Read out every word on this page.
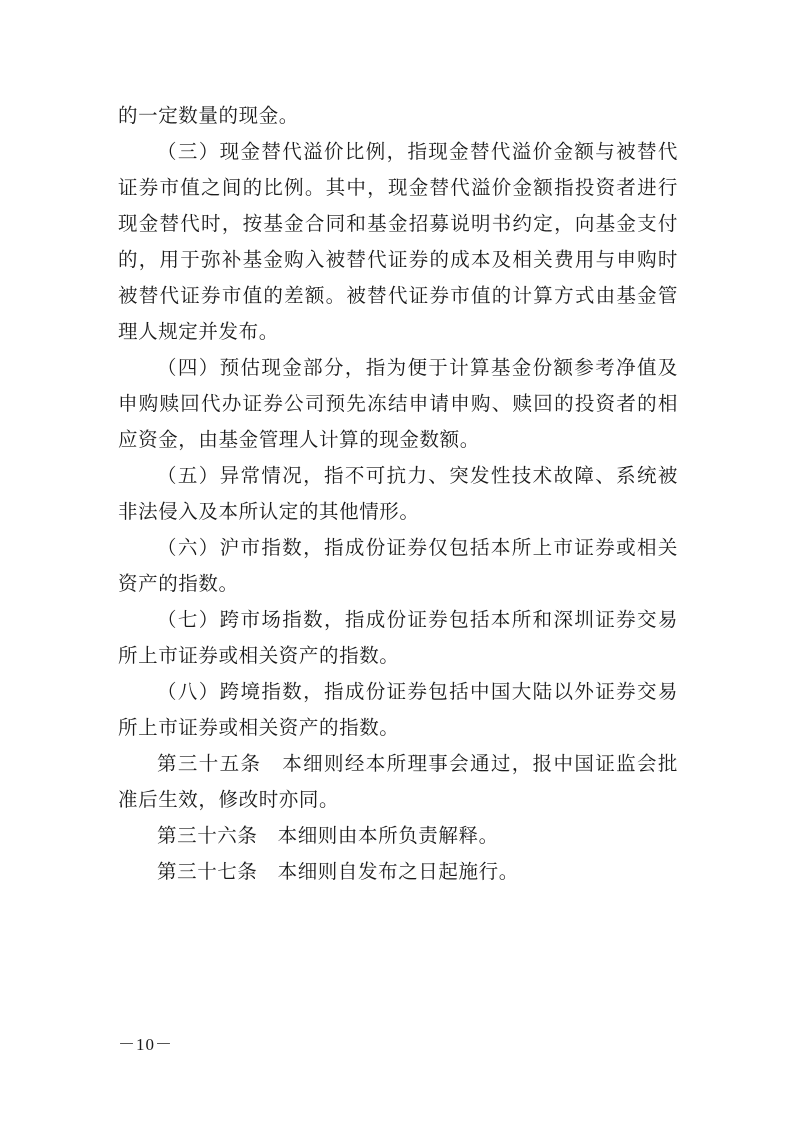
的一定数量的现金。

（三）现金替代溢价比例，指现金替代溢价金额与被替代证券市值之间的比例。其中，现金替代溢价金额指投资者进行现金替代时，按基金合同和基金招募说明书约定，向基金支付的，用于弥补基金购入被替代证券的成本及相关费用与申购时被替代证券市值的差额。被替代证券市值的计算方式由基金管理人规定并发布。

（四）预估现金部分，指为便于计算基金份额参考净值及申购赎回代办证券公司预先冻结申请申购、赎回的投资者的相应资金，由基金管理人计算的现金数额。

（五）异常情况，指不可抗力、突发性技术故障、系统被非法侵入及本所认定的其他情形。

（六）沪市指数，指成份证券仅包括本所上市证券或相关资产的指数。

（七）跨市场指数，指成份证券包括本所和深圳证券交易所上市证券或相关资产的指数。

（八）跨境指数，指成份证券包括中国大陆以外证券交易所上市证券或相关资产的指数。

第三十五条　本细则经本所理事会通过，报中国证监会批准后生效，修改时亦同。

第三十六条　本细则由本所负责解释。

第三十七条　本细则自发布之日起施行。

－10－
